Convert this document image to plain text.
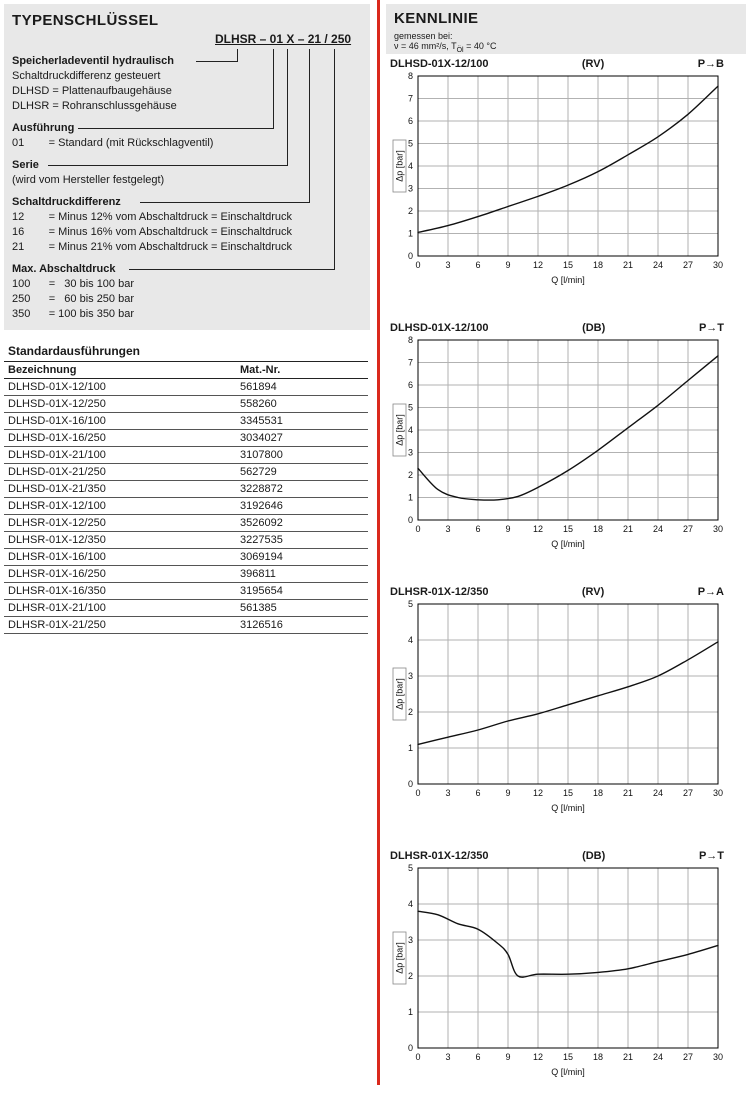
TYPENSCHLÜSSEL
DLHSR – 01 X – 21 / 250
Speicherladeventil hydraulisch
Schaltdruckdifferenz gesteuert
DLHSD = Plattenaufbaugehäuse
DLHSR = Rohranschlussgehäuse
Ausführung
01        = Standard (mit Rückschlagventil)
Serie
(wird vom Hersteller festgelegt)
Schaltdruckdifferenz
12        = Minus 12% vom Abschaltdruck = Einschaltdruck
16        = Minus 16% vom Abschaltdruck = Einschaltdruck
21        = Minus 21% vom Abschaltdruck = Einschaltdruck
Max. Abschaltdruck
100      =   30 bis 100 bar
250      =   60 bis 250 bar
350      = 100 bis 350 bar
Standardausführungen
Bezeichnung	Mat.-Nr.
DLHSD-01X-12/100	561894
DLHSD-01X-12/250	558260
DLHSD-01X-16/100	3345531
DLHSD-01X-16/250	3034027
DLHSD-01X-21/100	3107800
DLHSD-01X-21/250	562729
DLHSD-01X-21/350	3228872
DLHSR-01X-12/100	3192646
DLHSR-01X-12/250	3526092
DLHSR-01X-12/350	3227535
DLHSR-01X-16/100	3069194
DLHSR-01X-16/250	396811
DLHSR-01X-16/350	3195654
DLHSR-01X-21/100	561385
DLHSR-01X-21/250	3126516
KENNLINIE
gemessen bei:
ν = 46 mm²/s, $T_{Öl} = 40$ °C
DLHSD-01X-12/100	(RV)	P→B
0	3	6	9 12 15 18 21 24 27 30
0
1
2
3
4
5
6
7
8
Q [l/min]
Δp [bar]
DLHSD-01X-12/100	(DB)	P→T
0	3	6	9 12 15 18 21 24 27 30
0
1
2
3
4
5
6
7
8
Q [l/min]
Δp [bar]
DLHSR-01X-12/350	(RV)	P→A
0	3	6	9 12 15 18 21 24 27 30
0
1
2
3
4
5
Q [l/min]
Δp [bar]
DLHSR-01X-12/350	(DB)	P→T
0	3	6	9 12 15 18 21 24 27 30
0
1
2
3
4
5
Q [l/min]
Δp [bar]
